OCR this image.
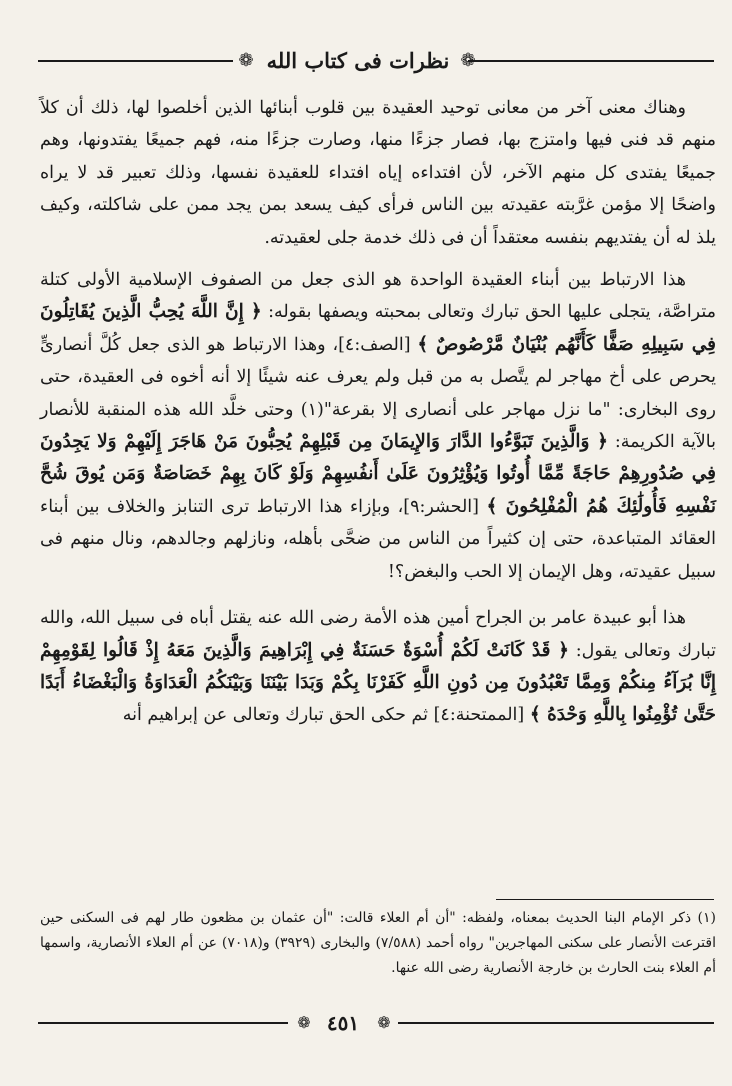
❁ نظرات فى كتاب الله ❁

وهناك معنى آخر من معانى توحيد العقيدة بين قلوب أبنائها الذين أخلصوا لها، ذلك أن كلاً منهم قد فنى فيها وامتزج بها، فصار جزءًا منها، وصارت جزءًا منه، فهم جميعًا يفتدونها، وهم جميعًا يفتدى كل منهم الآخر، لأن افتداءه إياه افتداء للعقيدة نفسها، وذلك تعبير قد لا يراه واضحًا إلا مؤمن غرَّبته عقيدته بين الناس فرأى كيف يسعد بمن يجد ممن على شاكلته، وكيف يلذ له أن يفتديهم بنفسه معتقداً أن فى ذلك خدمة جلى لعقيدته.

هذا الارتباط بين أبناء العقيدة الواحدة هو الذى جعل من الصفوف الإسلامية الأولى كتلة متراصَّة، يتجلى عليها الحق تبارك وتعالى بمحبته ويصفها بقوله: ﴿ إِنَّ اللَّهَ يُحِبُّ الَّذِينَ يُقَاتِلُونَ فِي سَبِيلِهِ صَفًّا كَأَنَّهُم بُنْيَانٌ مَّرْصُوصٌ ﴾ [الصف:٤]، وهذا الارتباط هو الذى جعل كُلَّ أنصارىٍّ يحرص على أخ مهاجر لم يتَّصل به من قبل ولم يعرف عنه شيئًا إلا أنه أخوه فى العقيدة، حتى روى البخارى: "ما نزل مهاجر على أنصارى إلا بقرعة"(١) وحتى خلَّد الله هذه المنقبة للأنصار بالآية الكريمة: ﴿ وَالَّذِينَ تَبَوَّءُوا الدَّارَ وَالإِيمَانَ مِن قَبْلِهِمْ يُحِبُّونَ مَنْ هَاجَرَ إِلَيْهِمْ وَلا يَجِدُونَ فِي صُدُورِهِمْ حَاجَةً مِّمَّا أُوتُوا وَيُؤْثِرُونَ عَلَىٰ أَنفُسِهِمْ وَلَوْ كَانَ بِهِمْ خَصَاصَةٌ وَمَن يُوقَ شُحَّ نَفْسِهِ فَأُولَٰئِكَ هُمُ الْمُفْلِحُونَ ﴾ [الحشر:٩]، وبإزاء هذا الارتباط ترى التنابز والخلاف بين أبناء العقائد المتباعدة، حتى إن كثيراً من الناس من ضحَّى بأهله، ونازلهم وجالدهم، ونال منهم فى سبيل عقيدته، وهل الإيمان إلا الحب والبغض؟!

هذا أبو عبيدة عامر بن الجراح أمين هذه الأمة رضى الله عنه يقتل أباه فى سبيل الله، والله تبارك وتعالى يقول: ﴿ قَدْ كَانَتْ لَكُمْ أُسْوَةٌ حَسَنَةٌ فِي إِبْرَاهِيمَ وَالَّذِينَ مَعَهُ إِذْ قَالُوا لِقَوْمِهِمْ إِنَّا بُرَآءُ مِنكُمْ وَمِمَّا تَعْبُدُونَ مِن دُونِ اللَّهِ كَفَرْنَا بِكُمْ وَبَدَا بَيْنَنَا وَبَيْنَكُمُ الْعَدَاوَةُ وَالْبَغْضَاءُ أَبَدًا حَتَّىٰ تُؤْمِنُوا بِاللَّهِ وَحْدَهُ ﴾ [الممتحنة:٤] ثم حكى الحق تبارك وتعالى عن إبراهيم أنه

(١) ذكر الإمام البنا الحديث بمعناه، ولفظه: "أن أم العلاء قالت: "أن عثمان بن مظعون طار لهم فى السكنى حين اقترعت الأنصار على سكنى المهاجرين" رواه أحمد (٧/٥٨٨) والبخارى (٣٩٢٩) و(٧٠١٨) عن أم العلاء الأنصارية، واسمها أم العلاء بنت الحارث بن خارجة الأنصارية رضى الله عنها.

❁ ٤٥١	❁
